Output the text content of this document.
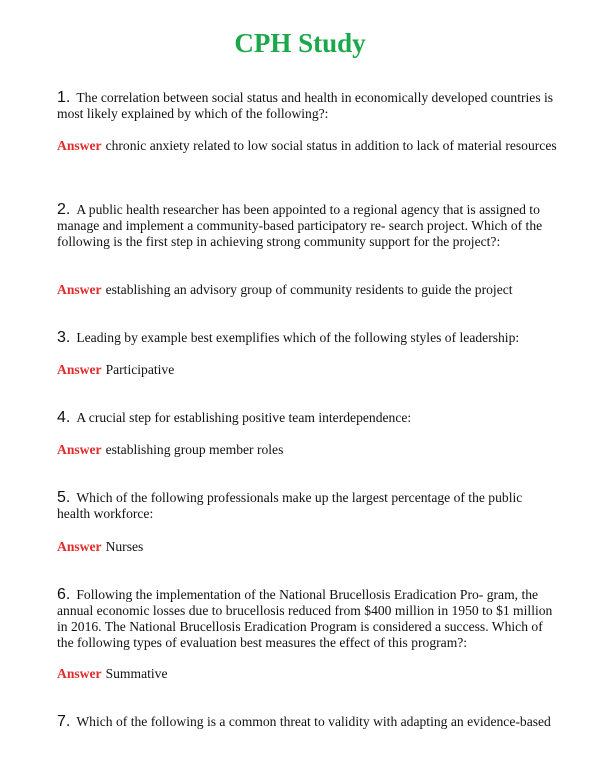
CPH Study
1. The correlation between social status and health in economically developed countries is most likely explained by which of the following?:
Answer chronic anxiety related to low social status in addition to lack of material resources
2. A public health researcher has been appointed to a regional agency that is assigned to manage and implement a community-based participatory re- search project. Which of the following is the first step in achieving strong community support for the project?:
Answer establishing an advisory group of community residents to guide the project
3. Leading by example best exemplifies which of the following styles of leadership:
Answer Participative
4. A crucial step for establishing positive team interdependence:
Answer establishing group member roles
5. Which of the following professionals make up the largest percentage of the public health workforce:
Answer Nurses
6. Following the implementation of the National Brucellosis Eradication Pro- gram, the annual economic losses due to brucellosis reduced from $400 million in 1950 to $1 million in 2016. The National Brucellosis Eradication Program is considered a success. Which of the following types of evaluation best measures the effect of this program?:
Answer Summative
7. Which of the following is a common threat to validity with adapting an evidence-based
